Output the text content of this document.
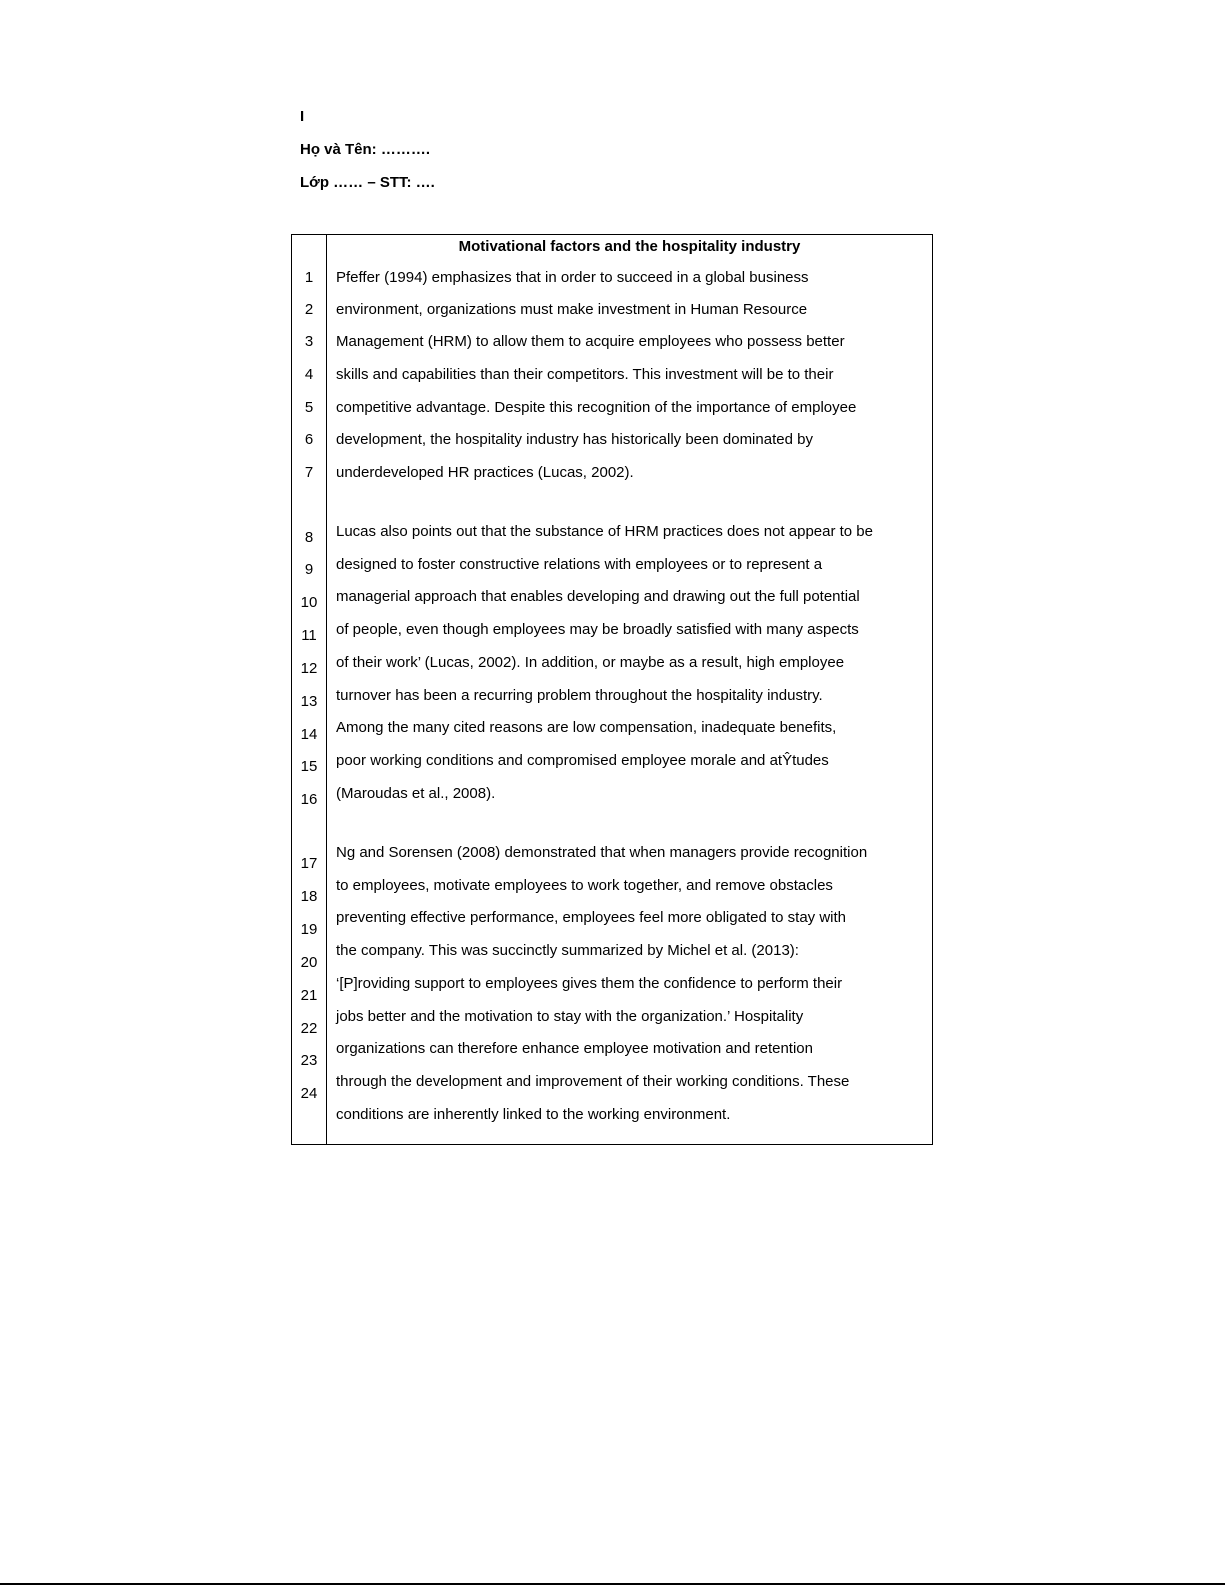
I
Họ và Tên: ……….
Lớp …… – STT: ….
Motivational factors and the hospitality industry
1
2
3
4
5
6
7
8
9
10
11
12
13
14
15
16
17
18
19
20
21
22
23
24
Pfeffer (1994) emphasizes that in order to succeed in a global business
environment, organizations must make investment in Human Resource
Management (HRM) to allow them to acquire employees who possess better
skills and capabilities than their competitors. This investment will be to their
competitive advantage. Despite this recognition of the importance of employee
development, the hospitality industry has historically been dominated by
underdeveloped HR practices (Lucas, 2002).
Lucas also points out that the substance of HRM practices does not appear to be
designed to foster constructive relations with employees or to represent a
managerial approach that enables developing and drawing out the full potential
of people, even though employees may be broadly satisfied with many aspects
of their work’ (Lucas, 2002). In addition, or maybe as a result, high employee
turnover has been a recurring problem throughout the hospitality industry.
Among the many cited reasons are low compensation, inadequate benefits,
poor working conditions and compromised employee morale and atŶtudes
(Maroudas et al., 2008).
Ng and Sorensen (2008) demonstrated that when managers provide recognition
to employees, motivate employees to work together, and remove obstacles
preventing effective performance, employees feel more obligated to stay with
the company. This was succinctly summarized by Michel et al. (2013):
‘[P]roviding support to employees gives them the confidence to perform their
jobs better and the motivation to stay with the organization.’ Hospitality
organizations can therefore enhance employee motivation and retention
through the development and improvement of their working conditions. These
conditions are inherently linked to the working environment.
